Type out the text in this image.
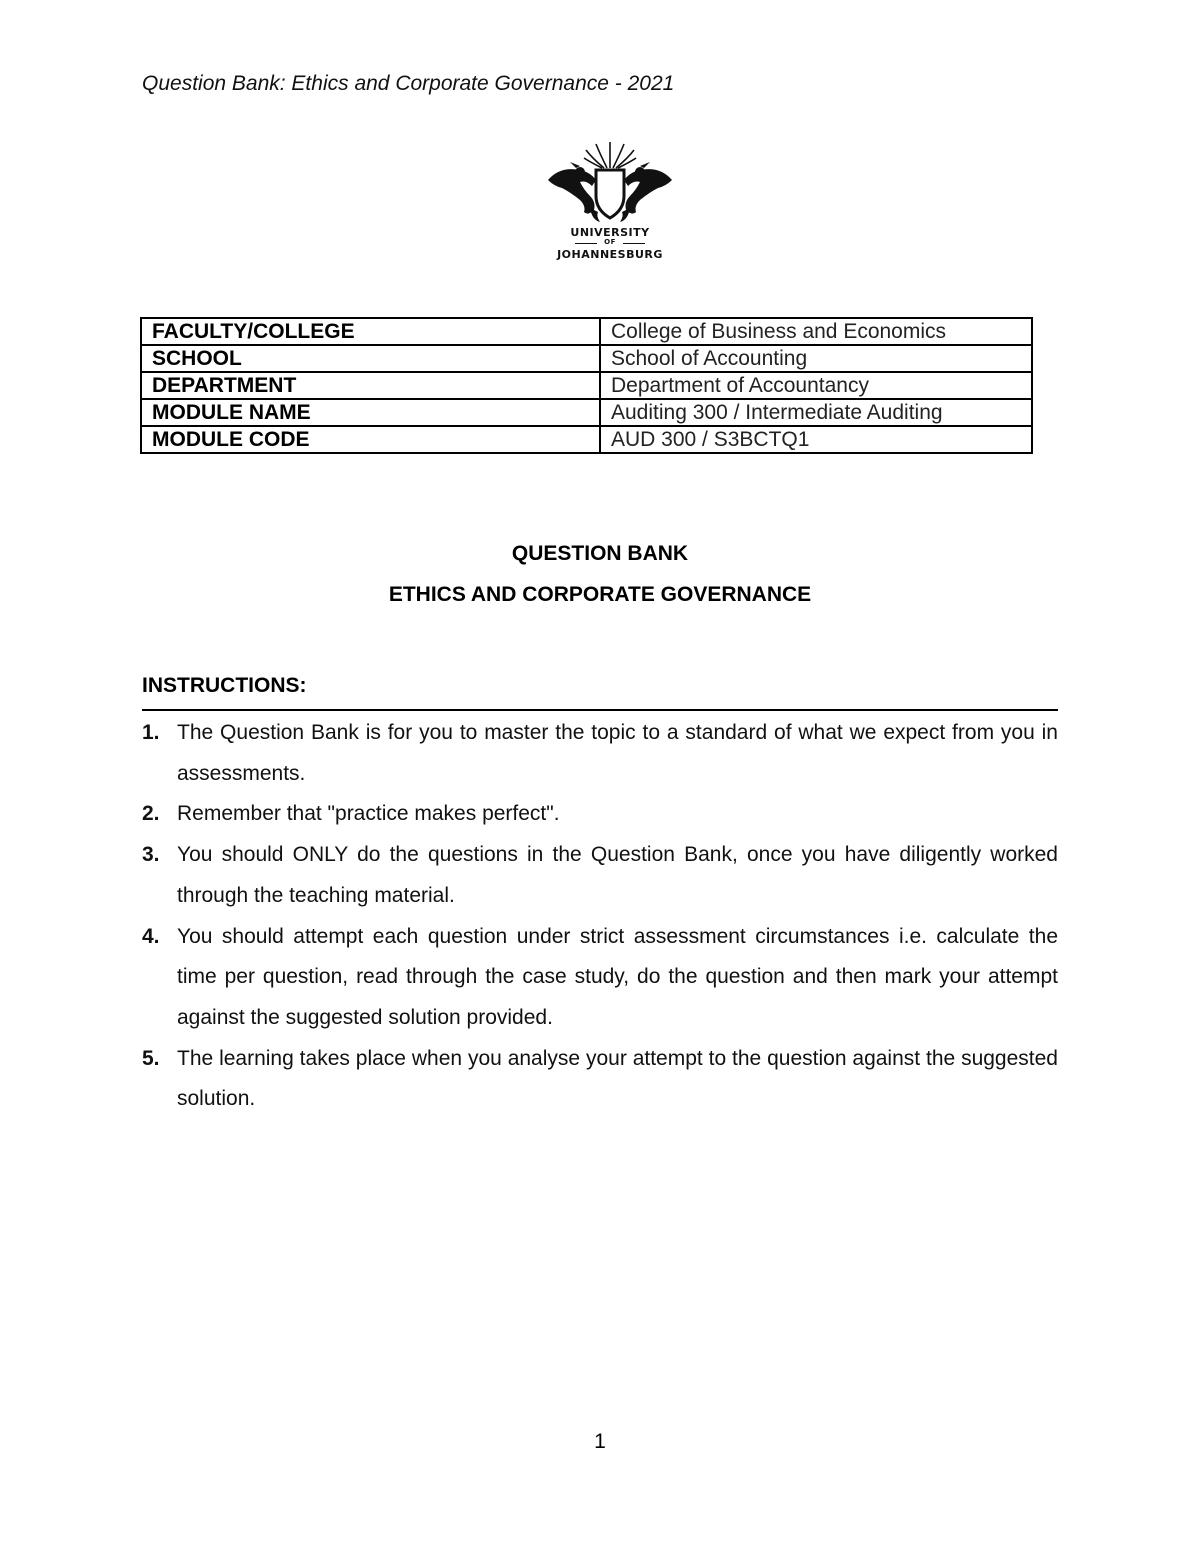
Question Bank: Ethics and Corporate Governance - 2021
UNIVERSITY
OF
JOHANNESBURG
FACULTY/COLLEGE	College of Business and Economics
SCHOOL	School of Accounting
DEPARTMENT	Department of Accountancy
MODULE NAME	Auditing 300 / Intermediate Auditing
MODULE CODE	AUD 300 / S3BCTQ1
QUESTION BANK
ETHICS AND CORPORATE GOVERNANCE
INSTRUCTIONS:
1. The Question Bank is for you to master the topic to a standard of what we expect from you in assessments.
2. Remember that "practice makes perfect".
3. You should ONLY do the questions in the Question Bank, once you have diligently worked through the teaching material.
4. You should attempt each question under strict assessment circumstances i.e. calculate the time per question, read through the case study, do the question and then mark your attempt against the suggested solution provided.
5. The learning takes place when you analyse your attempt to the question against the suggested solution.
1
